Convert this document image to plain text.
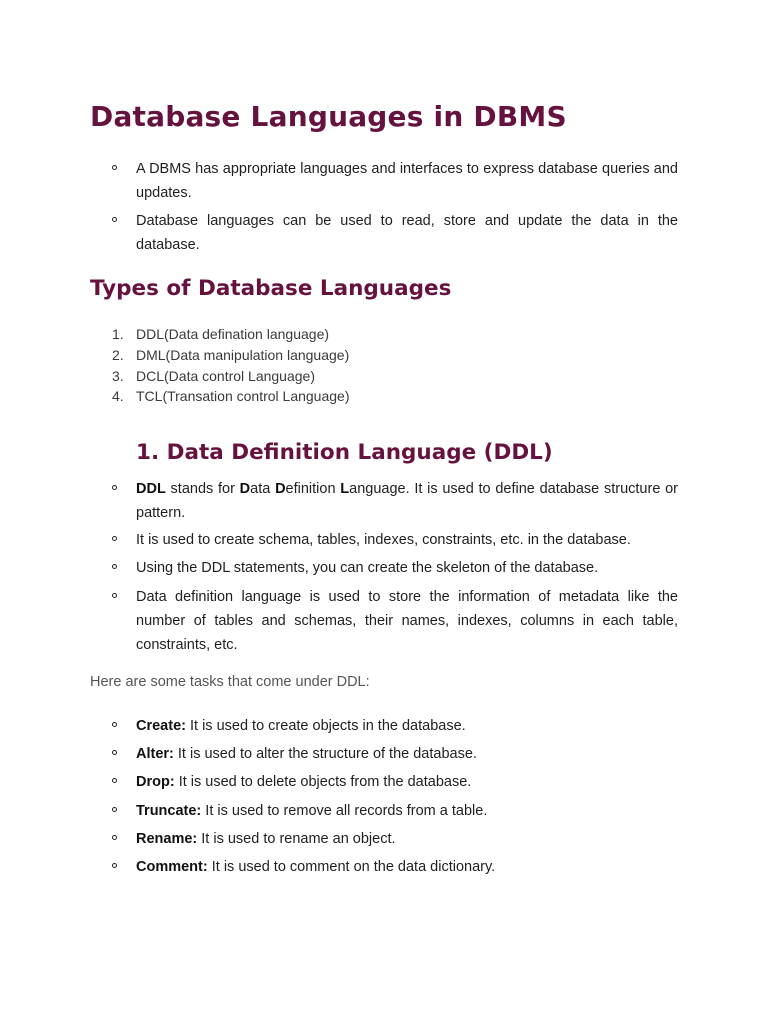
Database Languages in DBMS
A DBMS has appropriate languages and interfaces to express database queries and updates.
Database languages can be used to read, store and update the data in the database.
Types of Database Languages
1. DDL(Data defination language)
2. DML(Data manipulation language)
3. DCL(Data control Language)
4. TCL(Transation control Language)
1. Data Definition Language (DDL)
DDL stands for Data Definition Language. It is used to define database structure or pattern.
It is used to create schema, tables, indexes, constraints, etc. in the database.
Using the DDL statements, you can create the skeleton of the database.
Data definition language is used to store the information of metadata like the number of tables and schemas, their names, indexes, columns in each table, constraints, etc.
Here are some tasks that come under DDL:
Create: It is used to create objects in the database.
Alter: It is used to alter the structure of the database.
Drop: It is used to delete objects from the database.
Truncate: It is used to remove all records from a table.
Rename: It is used to rename an object.
Comment: It is used to comment on the data dictionary.
